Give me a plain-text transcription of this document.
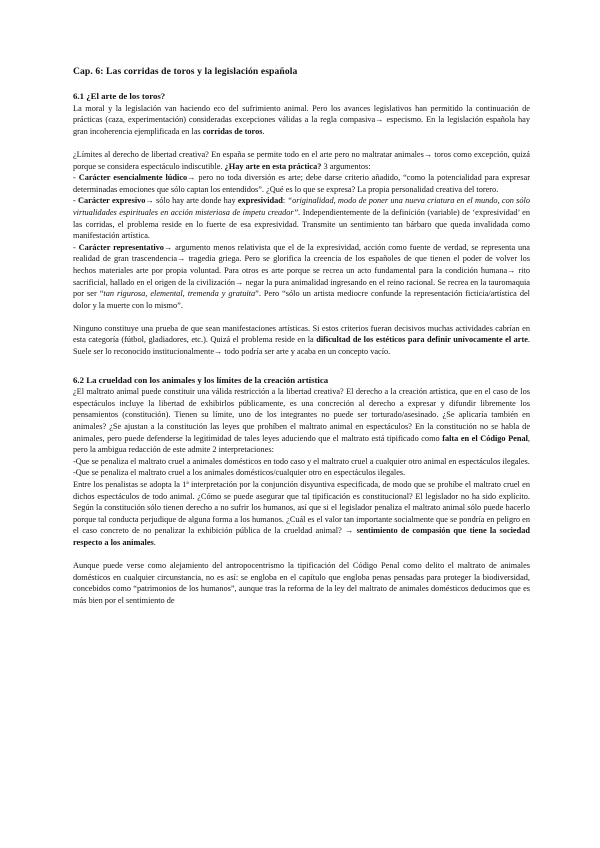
Cap. 6: Las corridas de toros y la legislación española
6.1 ¿El arte de los toros?

La moral y la legislación van haciendo eco del sufrimiento animal. Pero los avances legislativos han permitido la continuación de prácticas (caza, experimentación) consideradas excepciones válidas a la regla compasiva→ especismo. En la legislación española hay gran incoherencia ejemplificada en las corridas de toros.

¿Límites al derecho de libertad creativa? En españa se permite todo en el arte pero no maltratar animales→ toros como excepción, quizá porque se considera espectáculo indiscutible. ¿Hay arte en esta práctica? 3 argumentos:

- Carácter esencialmente lúdico→ pero no toda diversión es arte; debe darse criterio añadido, “como la potencialidad para expresar determinadas emociones que sólo captan los entendidos”. ¿Qué es lo que se expresa? La propia personalidad creativa del torero.

- Carácter expresivo→ sólo hay arte donde hay expresividad: “originalidad, modo de poner una nueva criatura en el mundo, con sólo virtualidades espirituales en acción misteriosa de ímpetu creador”. Independientemente de la definición (variable) de ‘expresividad’ en las corridas, el problema reside en lo fuerte de esa expresividad. Transmite un sentimiento tan bárbaro que queda invalidada como manifestación artística.

- Carácter representativo→ argumento menos relativista que el de la expresividad, acción como fuente de verdad, se representa una realidad de gran trascendencia→ tragedia griega. Pero se glorifica la creencia de los españoles de que tienen el poder de volver los hechos materiales arte por propia voluntad. Para otros es arte porque se recrea un acto fundamental para la condición humana→ rito sacrificial, hallado en el origen de la civilización→ negar la pura animalidad ingresando en el reino racional. Se recrea en la tauromaquia por ser “tan rigurosa, elemental, tremenda y gratuita”. Pero “sólo un artista mediocre confunde la representación ficticia/artística del dolor y la muerte con lo mismo”.

Ninguno constituye una prueba de que sean manifestaciones artísticas. Si estos criterios fueran decisivos muchas actividades cabrían en esta categoría (fútbol, gladiadores, etc.). Quizá el problema reside en la dificultad de los estéticos para definir unívocamente el arte. Suele ser lo reconocido institucionalmente→ todo podría ser arte y acaba en un concepto vacío.

6.2 La crueldad con los animales y los límites de la creación artística

¿El maltrato animal puede constituir una válida restricción a la libertad creativa? El derecho a la creación artística, que en el caso de los espectáculos incluye la libertad de exhibirlos públicamente, es una concreción al derecho a expresar y difundir libremente los pensamientos (constitución). Tienen su límite, uno de los integrantes no puede ser torturado/asesinado. ¿Se aplicaría también en animales? ¿Se ajustan a la constitución las leyes que prohíben el maltrato animal en espectáculos? En la constitución no se habla de animales, pero puede defenderse la legitimidad de tales leyes aduciendo que el maltrato está tipificado como falta en el Código Penal, pero la ambigua redacción de este admite 2 interpretaciones:

-Que se penaliza el maltrato cruel a animales domésticos en todo caso y el maltrato cruel a cualquier otro animal en espectáculos ilegales.

-Que se penaliza el maltrato cruel a los animales domésticos/cualquier otro en espectáculos ilegales.

Entre los penalistas se adopta la 1ª interpretación por la conjunción disyuntiva especificada, de modo que se prohíbe el maltrato cruel en dichos espectáculos de todo animal. ¿Cómo se puede asegurar que tal tipificación es constitucional? El legislador no ha sido explícito. Según la constitución sólo tienen derecho a no sufrir los humanos, así que si el legislador penaliza el maltrato animal sólo puede hacerlo porque tal conducta perjudique de alguna forma a los humanos. ¿Cuál es el valor tan importante socialmente que se pondría en peligro en el caso concreto de no penalizar la exhibición pública de la crueldad animal? → sentimiento de compasión que tiene la sociedad respecto a los animales.

Aunque puede verse como alejamiento del antropocentrismo la tipificación del Código Penal como delito el maltrato de animales domésticos en cualquier circunstancia, no es así: se engloba en el capítulo que engloba penas pensadas para proteger la biodiversidad, concebidos como “patrimonios de los humanos”, aunque tras la reforma de la ley del maltrato de animales domésticos deducimos que es más bien por el sentimiento de
